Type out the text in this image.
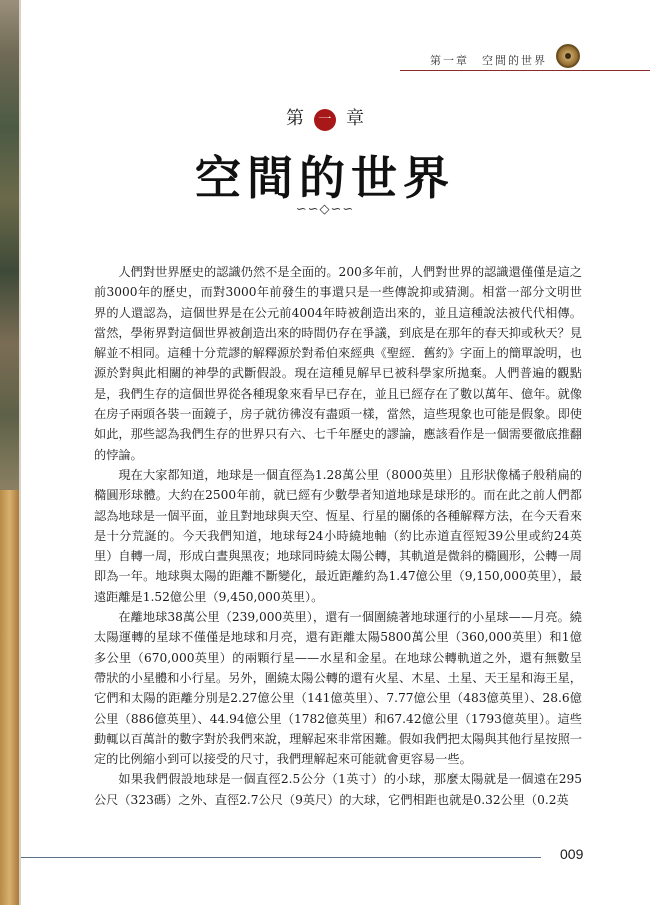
第一章　空間的世界
第 一 章
空間的世界
∽∽◇∽∽

人們對世界歷史的認識仍然不是全面的。200多年前，人們對世界的認識還僅僅是這之前3000年的歷史，而對3000年前發生的事還只是一些傳說抑或猜測。相當一部分文明世界的人還認為，這個世界是在公元前4004年時被創造出來的，並且這種說法被代代相傳。當然，學術界對這個世界被創造出來的時間仍存在爭議，到底是在那年的春天抑或秋天？見解並不相同。這種十分荒謬的解釋源於對希伯來經典《聖經．舊約》字面上的簡單說明，也源於對與此相關的神學的武斷假設。現在這種見解早已被科學家所拋棄。人們普遍的觀點是，我們生存的這個世界從各種現象來看早已存在，並且已經存在了數以萬年、億年。就像在房子兩頭各裝一面鏡子，房子就彷彿沒有盡頭一樣，當然，這些現象也可能是假象。即使如此，那些認為我們生存的世界只有六、七千年歷史的謬論，應該看作是一個需要徹底推翻的悖論。

現在大家都知道，地球是一個直徑為1.28萬公里（8000英里）且形狀像橘子般稍扁的橢圓形球體。大約在2500年前，就已經有少數學者知道地球是球形的。而在此之前人們都認為地球是一個平面，並且對地球與天空、恆星、行星的關係的各種解釋方法，在今天看來是十分荒誕的。今天我們知道，地球每24小時繞地軸（約比赤道直徑短39公里或約24英里）自轉一周，形成白晝與黑夜；地球同時繞太陽公轉，其軌道是微斜的橢圓形，公轉一周即為一年。地球與太陽的距離不斷變化，最近距離約為1.47億公里（9,150,000英里），最遠距離是1.52億公里（9,450,000英里）。

在離地球38萬公里（239,000英里），還有一個圍繞著地球運行的小星球——月亮。繞太陽運轉的星球不僅僅是地球和月亮，還有距離太陽5800萬公里（360,000英里）和1億多公里（670,000英里）的兩顆行星——水星和金星。在地球公轉軌道之外，還有無數呈帶狀的小星體和小行星。另外，圍繞太陽公轉的還有火星、木星、土星、天王星和海王星，它們和太陽的距離分別是2.27億公里（141億英里）、7.77億公里（483億英里）、28.6億公里（886億英里）、44.94億公里（1782億英里）和67.42億公里（1793億英里）。這些動輒以百萬計的數字對於我們來說，理解起來非常困難。假如我們把太陽與其他行星按照一定的比例縮小到可以接受的尺寸，我們理解起來可能就會更容易一些。

如果我們假設地球是一個直徑2.5公分（1英寸）的小球，那麼太陽就是一個遠在295公尺（323碼）之外、直徑2.7公尺（9英尺）的大球，它們相距也就是0.32公里（0.2英

009
